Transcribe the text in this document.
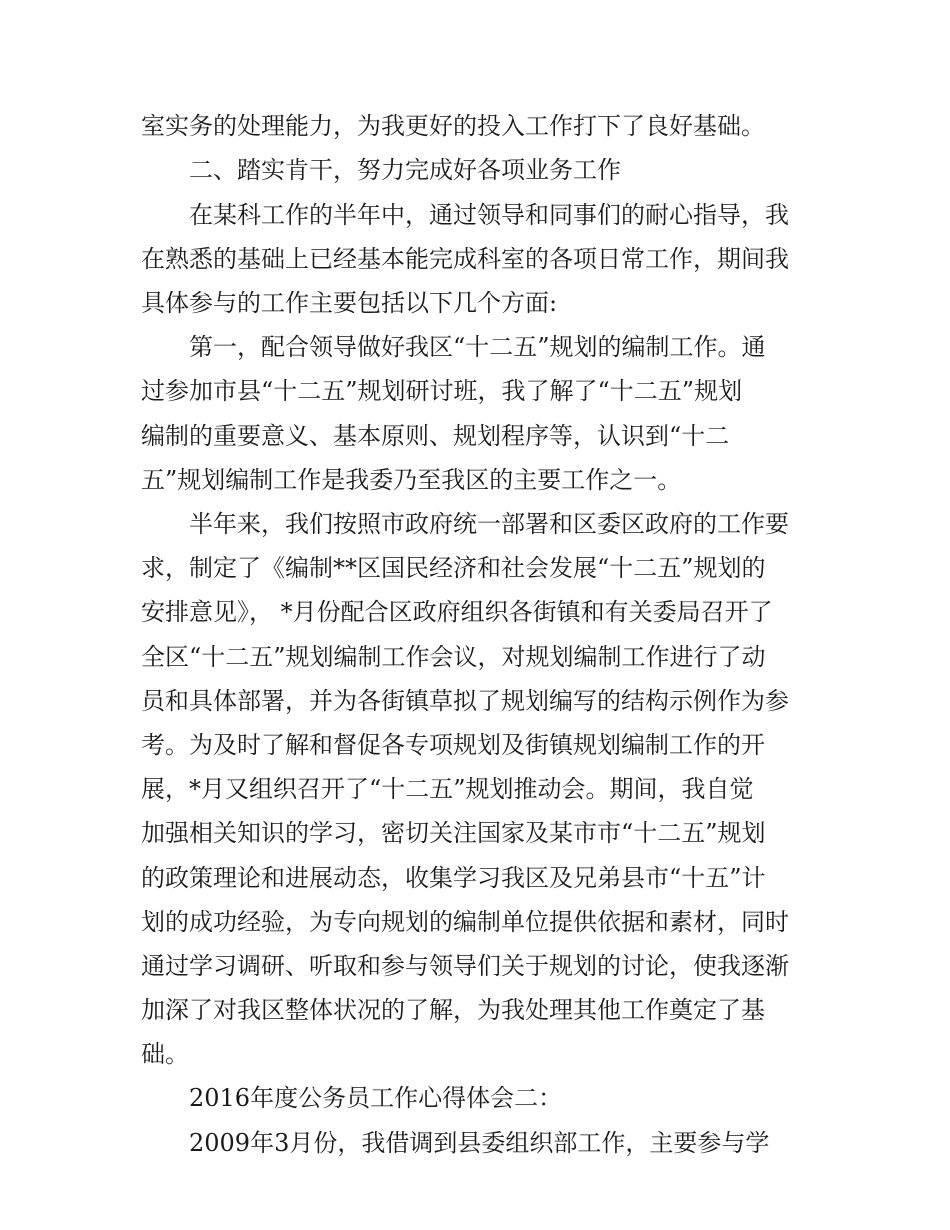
室实务的处理能力，为我更好的投入工作打下了良好基础。
二、踏实肯干，努力完成好各项业务工作
在某科工作的半年中，通过领导和同事们的耐心指导，我
在熟悉的基础上已经基本能完成科室的各项日常工作，期间我
具体参与的工作主要包括以下几个方面:
第一，配合领导做好我区“十二五”规划的编制工作。通
过参加市县“十二五”规划研讨班，我了解了“十二五”规划
编制的重要意义、基本原则、规划程序等，认识到“十二
五”规划编制工作是我委乃至我区的主要工作之一。
半年来，我们按照市政府统一部署和区委区政府的工作要
求，制定了《编制**区国民经济和社会发展“十二五”规划的
安排意见》， *月份配合区政府组织各街镇和有关委局召开了
全区“十二五”规划编制工作会议，对规划编制工作进行了动
员和具体部署，并为各街镇草拟了规划编写的结构示例作为参
考。为及时了解和督促各专项规划及街镇规划编制工作的开
展，*月又组织召开了“十二五”规划推动会。期间，我自觉
加强相关知识的学习，密切关注国家及某市市“十二五”规划
的政策理论和进展动态，收集学习我区及兄弟县市“十五”计
划的成功经验，为专向规划的编制单位提供依据和素材，同时
通过学习调研、听取和参与领导们关于规划的讨论，使我逐渐
加深了对我区整体状况的了解，为我处理其他工作奠定了基
础。
2016年度公务员工作心得体会二：
2009年3月份，我借调到县委组织部工作，主要参与学
